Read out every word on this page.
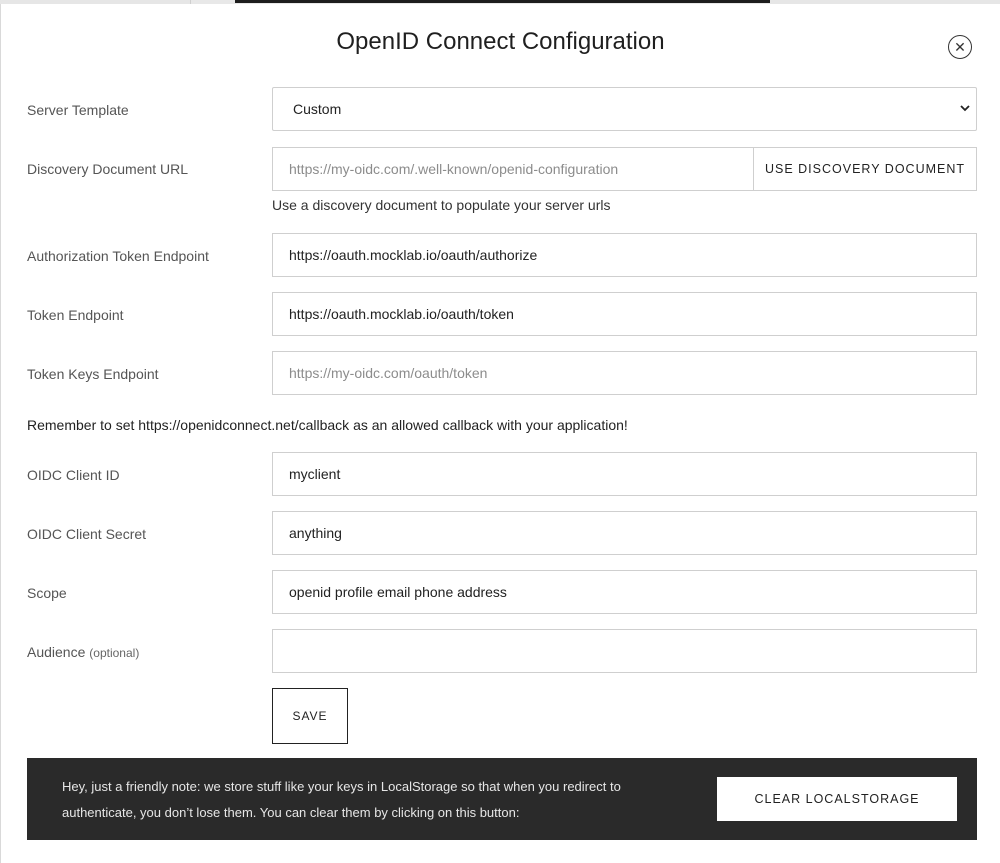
OpenID Connect Configuration	✕
Server Template	Custom
Discovery Document URL	https://my-oidc.com/.well-known/openid-configuration	USE DISCOVERY DOCUMENT
Use a discovery document to populate your server urls
Authorization Token Endpoint	https://oauth.mocklab.io/oauth/authorize
Token Endpoint	https://oauth.mocklab.io/oauth/token
Token Keys Endpoint	https://my-oidc.com/oauth/token
Remember to set https://openidconnect.net/callback as an allowed callback with your application!
OIDC Client ID	myclient
OIDC Client Secret	anything
Scope	openid profile email phone address
Audience (optional)
SAVE
Hey, just a friendly note: we store stuff like your keys in LocalStorage so that when you redirect to authenticate, you don’t lose them. You can clear them by clicking on this button:
CLEAR LOCALSTORAGE
